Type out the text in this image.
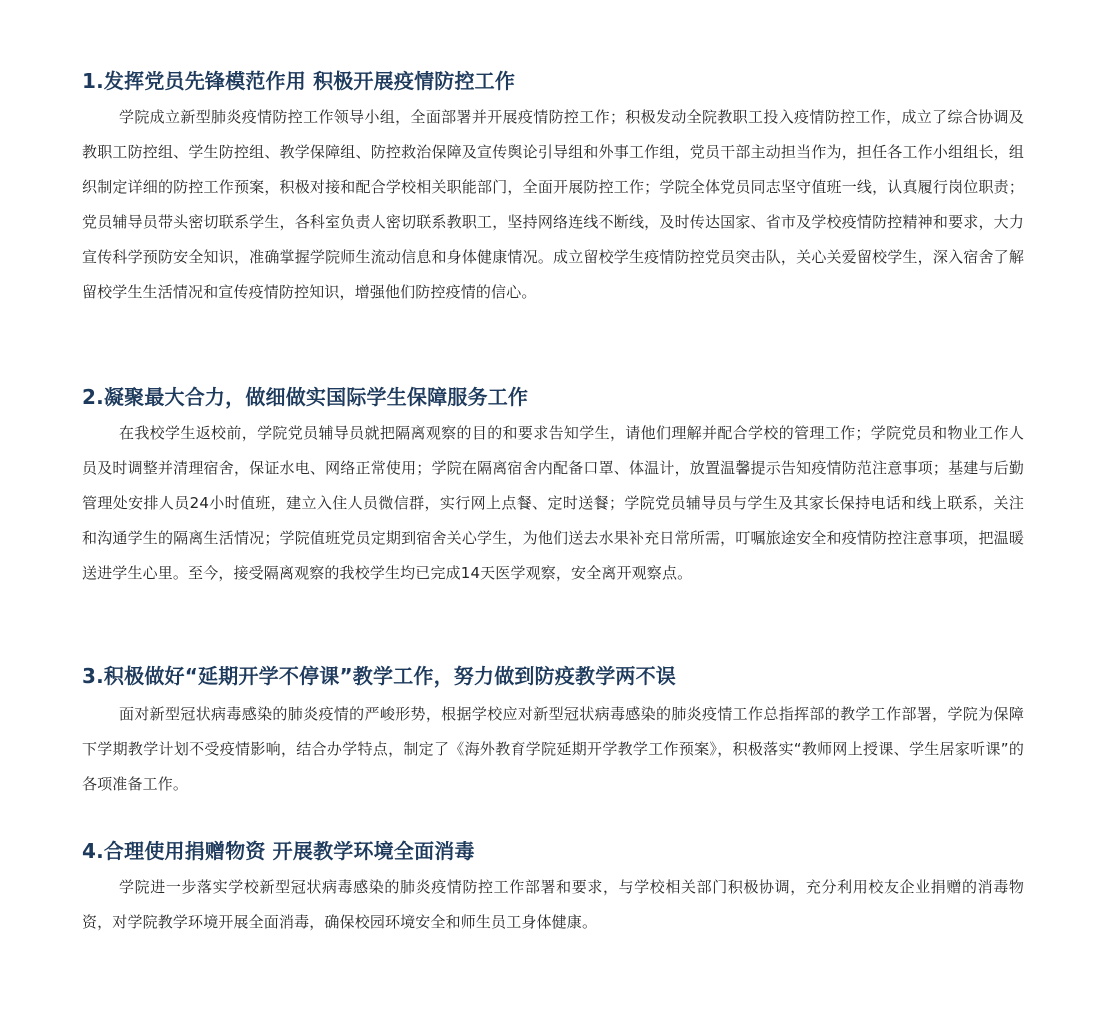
1.发挥党员先锋模范作用 积极开展疫情防控工作

学院成立新型肺炎疫情防控工作领导小组，全面部署并开展疫情防控工作；积极发动全院教职工投入疫情防控工作，成立了综合协调及教职工防控组、学生防控组、教学保障组、防控救治保障及宣传舆论引导组和外事工作组，党员干部主动担当作为，担任各工作小组组长，组织制定详细的防控工作预案，积极对接和配合学校相关职能部门，全面开展防控工作；学院全体党员同志坚守值班一线，认真履行岗位职责；党员辅导员带头密切联系学生，各科室负责人密切联系教职工，坚持网络连线不断线，及时传达国家、省市及学校疫情防控精神和要求，大力宣传科学预防安全知识，准确掌握学院师生流动信息和身体健康情况。成立留校学生疫情防控党员突击队，关心关爱留校学生，深入宿舍了解留校学生生活情况和宣传疫情防控知识，增强他们防控疫情的信心。

2.凝聚最大合力，做细做实国际学生保障服务工作

在我校学生返校前，学院党员辅导员就把隔离观察的目的和要求告知学生，请他们理解并配合学校的管理工作；学院党员和物业工作人员及时调整并清理宿舍，保证水电、网络正常使用；学院在隔离宿舍内配备口罩、体温计，放置温馨提示告知疫情防范注意事项；基建与后勤管理处安排人员24小时值班，建立入住人员微信群，实行网上点餐、定时送餐；学院党员辅导员与学生及其家长保持电话和线上联系，关注和沟通学生的隔离生活情况；学院值班党员定期到宿舍关心学生，为他们送去水果补充日常所需，叮嘱旅途安全和疫情防控注意事项，把温暖送进学生心里。至今，接受隔离观察的我校学生均已完成14天医学观察，安全离开观察点。

3.积极做好“延期开学不停课”教学工作，努力做到防疫教学两不误

面对新型冠状病毒感染的肺炎疫情的严峻形势，根据学校应对新型冠状病毒感染的肺炎疫情工作总指挥部的教学工作部署，学院为保障下学期教学计划不受疫情影响，结合办学特点，制定了《海外教育学院延期开学教学工作预案》，积极落实“教师网上授课、学生居家听课”的各项准备工作。

4.合理使用捐赠物资 开展教学环境全面消毒

学院进一步落实学校新型冠状病毒感染的肺炎疫情防控工作部署和要求，与学校相关部门积极协调，充分利用校友企业捐赠的消毒物资，对学院教学环境开展全面消毒，确保校园环境安全和师生员工身体健康。
